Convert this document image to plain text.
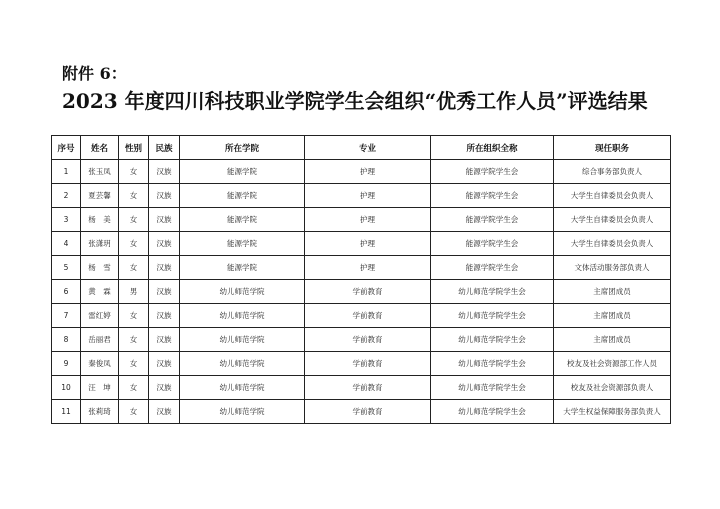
附件 6：
2023 年度四川科技职业学院学生会组织“优秀工作人员”评选结果
序号	姓名	性别	民族	所在学院	专业	所在组织全称	现任职务
1	张玉凤	女	汉族	能源学院	护理	能源学院学生会	综合事务部负责人
2	夏芸馨	女	汉族	能源学院	护理	能源学院学生会	大学生自律委员会负责人
3	杨　美	女	汉族	能源学院	护理	能源学院学生会	大学生自律委员会负责人
4	张潇玥	女	汉族	能源学院	护理	能源学院学生会	大学生自律委员会负责人
5	杨　雪	女	汉族	能源学院	护理	能源学院学生会	文体活动服务部负责人
6	黄　霖	男	汉族	幼儿师范学院	学前教育	幼儿师范学院学生会	主席团成员
7	雷红婷	女	汉族	幼儿师范学院	学前教育	幼儿师范学院学生会	主席团成员
8	岳丽君	女	汉族	幼儿师范学院	学前教育	幼儿师范学院学生会	主席团成员
9	秦俊凤	女	汉族	幼儿师范学院	学前教育	幼儿师范学院学生会	校友及社会资源部工作人员
10	汪　坤	女	汉族	幼儿师范学院	学前教育	幼儿师范学院学生会	校友及社会资源部负责人
11	张莉琦	女	汉族	幼儿师范学院	学前教育	幼儿师范学院学生会	大学生权益保障服务部负责人
